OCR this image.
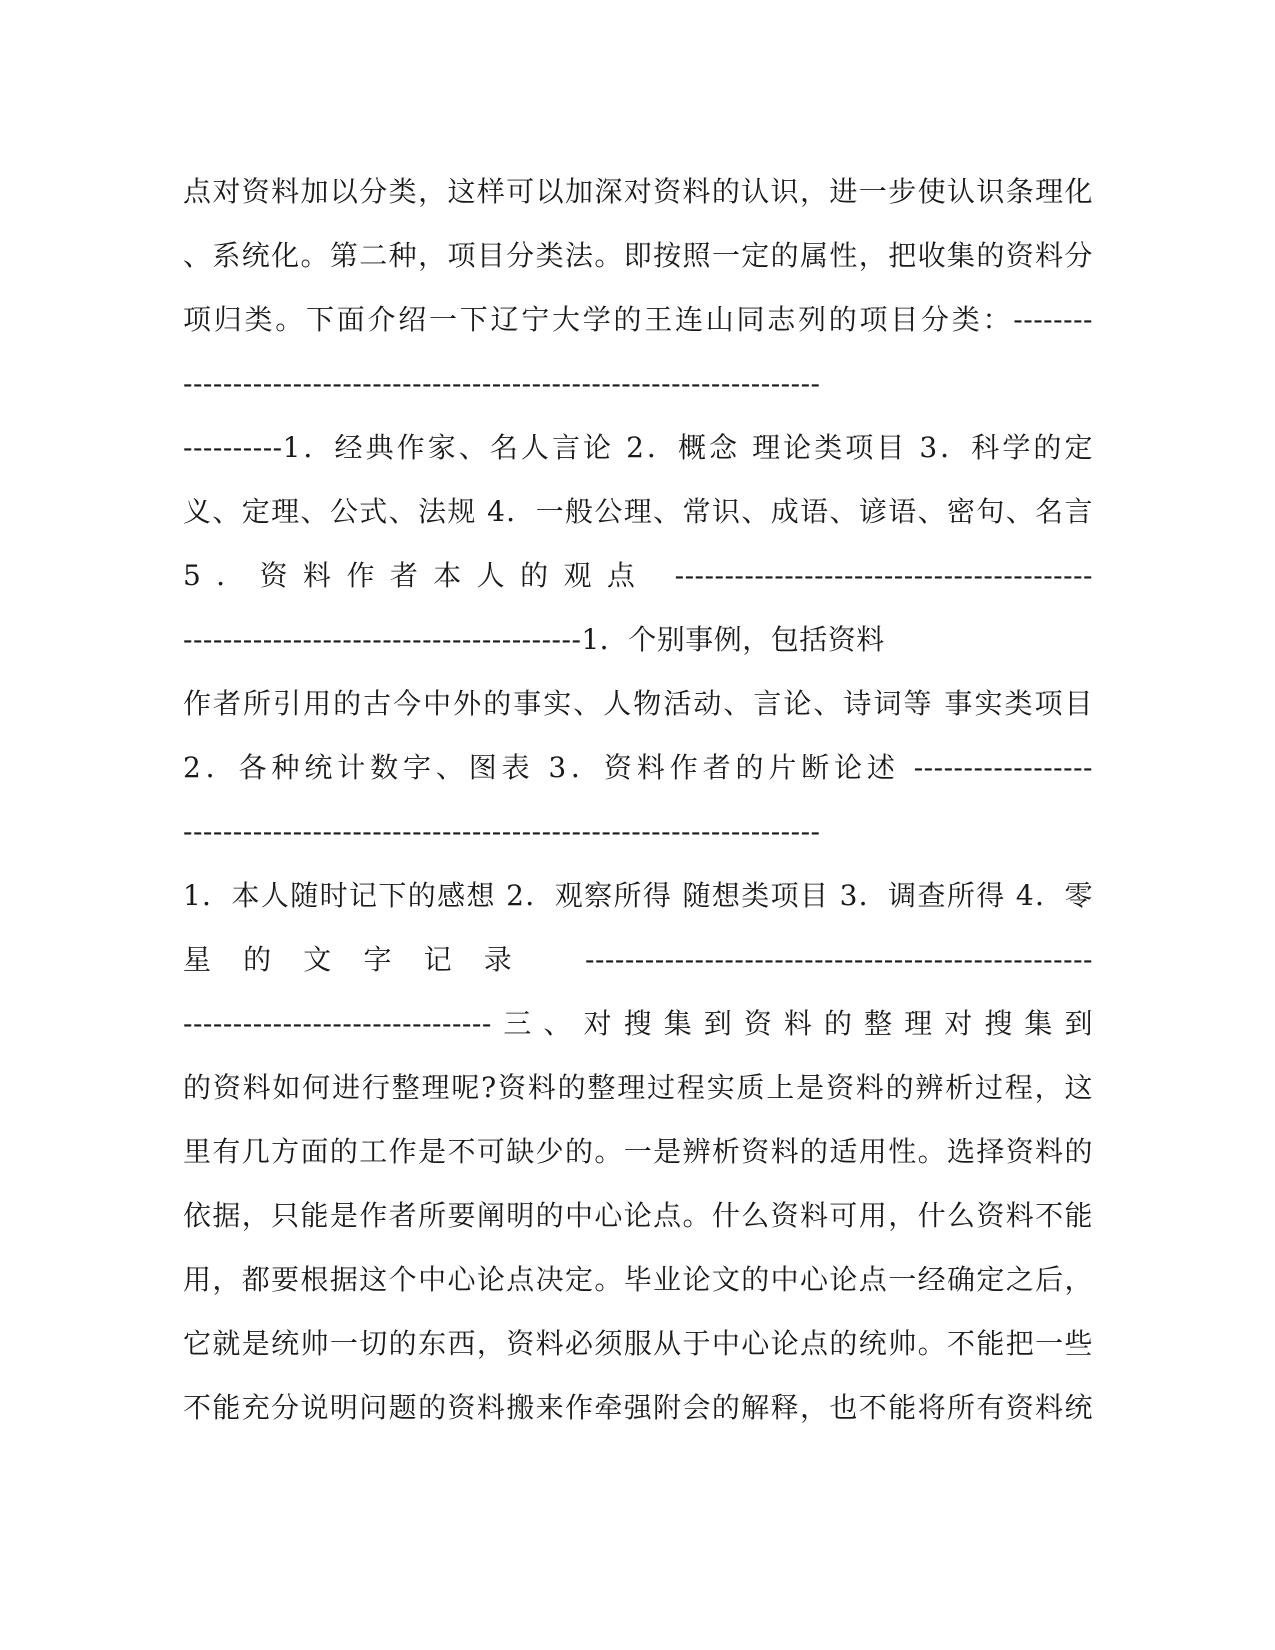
点对资料加以分类，这样可以加深对资料的认识，进一步使认识条理化
、系统化。第二种，项目分类法。即按照一定的属性，把收集的资料分
项归类。下面介绍一下辽宁大学的王连山同志列的项目分类：--------
----------------------------------------------------------------
----------1．经典作家、名人言论 2．概念 理论类项目 3．科学的定
义、定理、公式、法规 4．一般公理、常识、成语、谚语、密句、名言
5．资料作者本人的观点 ------------------------------------------
----------------------------------------1．个别事例，包括资料
作者所引用的古今中外的事实、人物活动、言论、诗词等 事实类项目
2．各种统计数字、图表 3．资料作者的片断论述 ------------------
----------------------------------------------------------------
1．本人随时记下的感想 2．观察所得 随想类项目 3．调查所得 4．零
星的文字记录 ---------------------------------------------------
-------------------------------三、对搜集到资料的整理对搜集到
的资料如何进行整理呢?资料的整理过程实质上是资料的辨析过程，这
里有几方面的工作是不可缺少的。一是辨析资料的适用性。选择资料的
依据，只能是作者所要阐明的中心论点。什么资料可用，什么资料不能
用，都要根据这个中心论点决定。毕业论文的中心论点一经确定之后，
它就是统帅一切的东西，资料必须服从于中心论点的统帅。不能把一些
不能充分说明问题的资料搬来作牵强附会的解释，也不能将所有资料统
